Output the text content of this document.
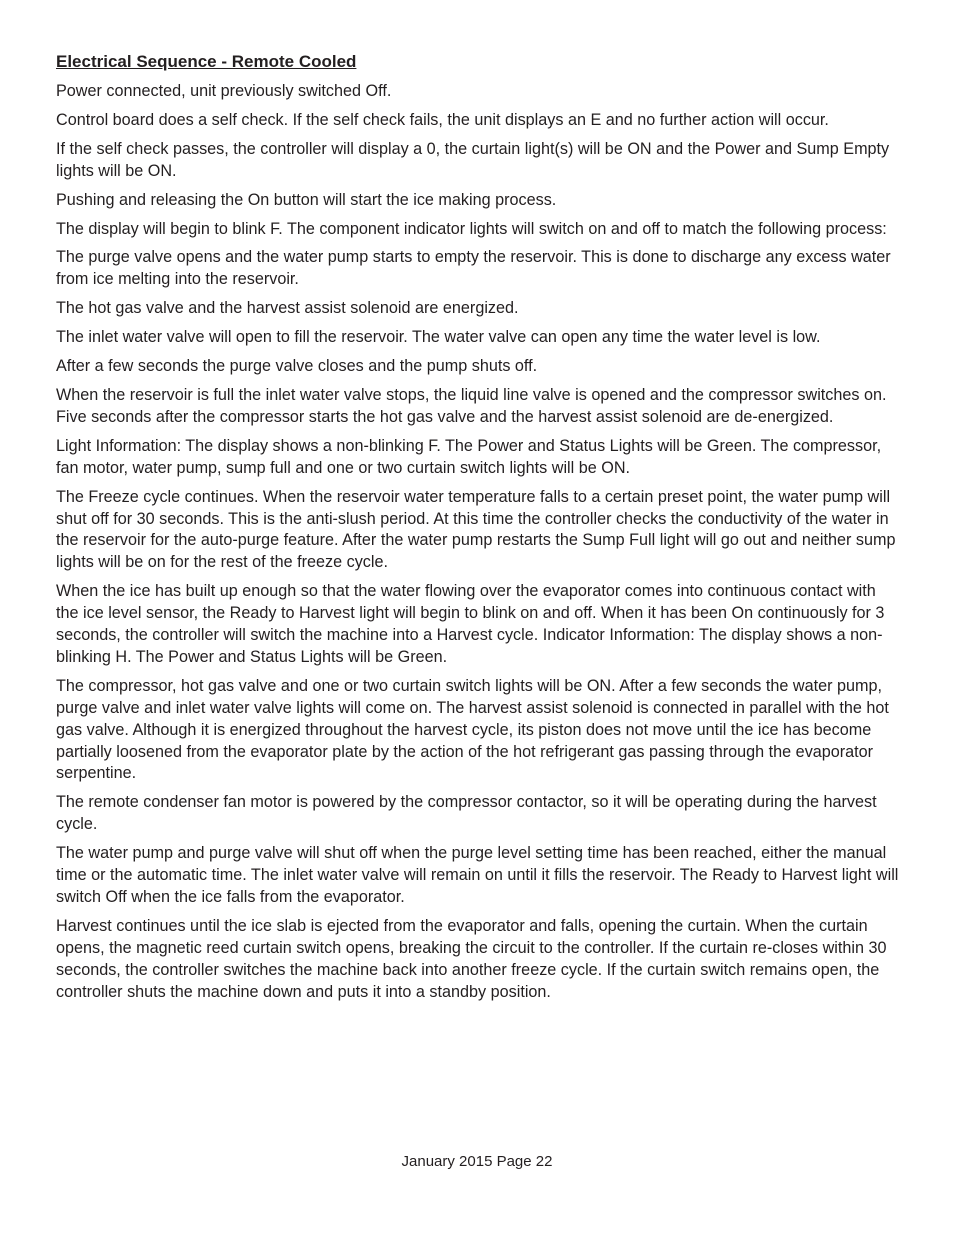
Electrical Sequence - Remote Cooled

Power connected, unit previously switched Off.

Control board does a self check. If the self check fails, the unit displays an E and no further action will occur.

If the self check passes, the controller will display a 0, the curtain light(s) will be ON and the Power and Sump Empty lights will be ON.

Pushing and releasing the On button will start the ice making process.

The display will begin to blink F. The component indicator lights will switch on and off to match the following process:

The purge valve opens and the water pump starts to empty the reservoir. This is done to discharge any excess water from ice melting into the reservoir.

The hot gas valve and the harvest assist solenoid are energized.

The inlet water valve will open to fill the reservoir. The water valve can open any time the water level is low.

After a few seconds the purge valve closes and the pump shuts off.

When the reservoir is full the inlet water valve stops, the liquid line valve is opened and the compressor switches on. Five seconds after the compressor starts the hot gas valve and the harvest assist solenoid are de-energized.

Light Information: The display shows a non-blinking F. The Power and Status Lights will be Green. The compressor, fan motor, water pump, sump full and one or two curtain switch lights will be ON.

The Freeze cycle continues. When the reservoir water temperature falls to a certain preset point, the water pump will shut off for 30 seconds. This is the anti-slush period. At this time the controller checks the conductivity of the water in the reservoir for the auto-purge feature. After the water pump restarts the Sump Full light will go out and neither sump lights will be on for the rest of the freeze cycle.

When the ice has built up enough so that the water flowing over the evaporator comes into continuous contact with the ice level sensor, the Ready to Harvest light will begin to blink on and off. When it has been On continuously for 3 seconds, the controller will switch the machine into a Harvest cycle. Indicator Information: The display shows a non-blinking H. The Power and Status Lights will be Green.

The compressor, hot gas valve and one or two curtain switch lights will be ON. After a few seconds the water pump, purge valve and inlet water valve lights will come on. The harvest assist solenoid is connected in parallel with the hot gas valve. Although it is energized throughout the harvest cycle, its piston does not move until the ice has become partially loosened from the evaporator plate by the action of the hot refrigerant gas passing through the evaporator serpentine.

The remote condenser fan motor is powered by the compressor contactor, so it will be operating during the harvest cycle.

The water pump and purge valve will shut off when the purge level setting time has been reached, either the manual time or the automatic time. The inlet water valve will remain on until it fills the reservoir. The Ready to Harvest light will switch Off when the ice falls from the evaporator.

Harvest continues until the ice slab is ejected from the evaporator and falls, opening the curtain. When the curtain opens, the magnetic reed curtain switch opens, breaking the circuit to the controller. If the curtain re-closes within 30 seconds, the controller switches the machine back into another freeze cycle. If the curtain switch remains open, the controller shuts the machine down and puts it into a standby position.

January 2015 Page 22
